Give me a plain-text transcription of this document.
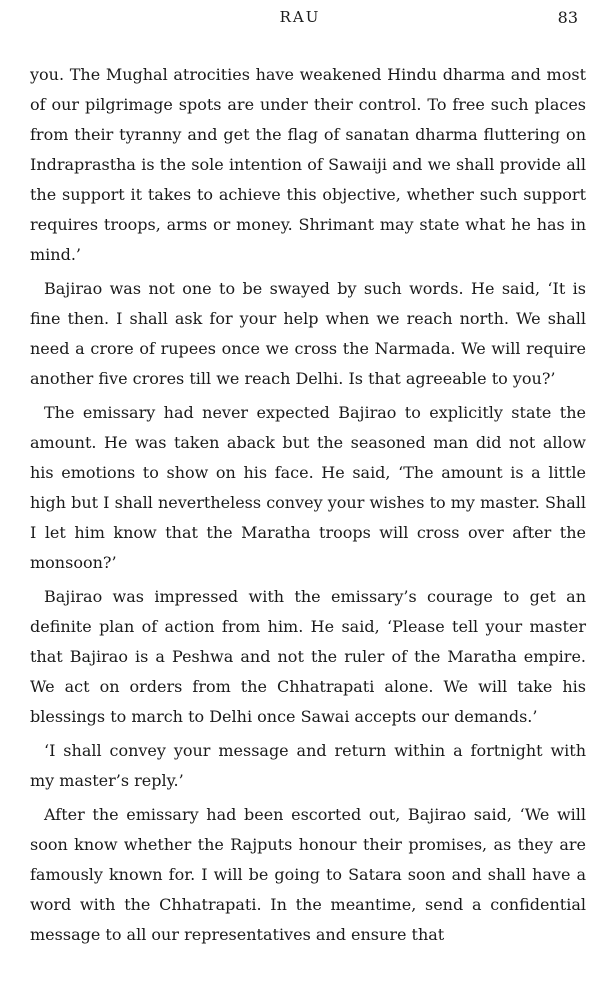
RAU	83

you. The Mughal atrocities have weakened Hindu dharma and most of our pilgrimage spots are under their control. To free such places from their tyranny and get the flag of sanatan dharma fluttering on Indraprastha is the sole intention of Sawaiji and we shall provide all the support it takes to achieve this objective, whether such support requires troops, arms or money. Shrimant may state what he has in mind.’

Bajirao was not one to be swayed by such words. He said, ‘It is fine then. I shall ask for your help when we reach north. We shall need a crore of rupees once we cross the Narmada. We will require another five crores till we reach Delhi. Is that agreeable to you?’

The emissary had never expected Bajirao to explicitly state the amount. He was taken aback but the seasoned man did not allow his emotions to show on his face. He said, ‘The amount is a little high but I shall nevertheless convey your wishes to my master. Shall I let him know that the Maratha troops will cross over after the monsoon?’

Bajirao was impressed with the emissary’s courage to get an definite plan of action from him. He said, ‘Please tell your master that Bajirao is a Peshwa and not the ruler of the Maratha empire. We act on orders from the Chhatrapati alone. We will take his blessings to march to Delhi once Sawai accepts our demands.’

‘I shall convey your message and return within a fortnight with my master’s reply.’

After the emissary had been escorted out, Bajirao said, ‘We will soon know whether the Rajputs honour their promises, as they are famously known for. I will be going to Satara soon and shall have a word with the Chhatrapati. In the meantime, send a confidential message to all our representatives and ensure that
